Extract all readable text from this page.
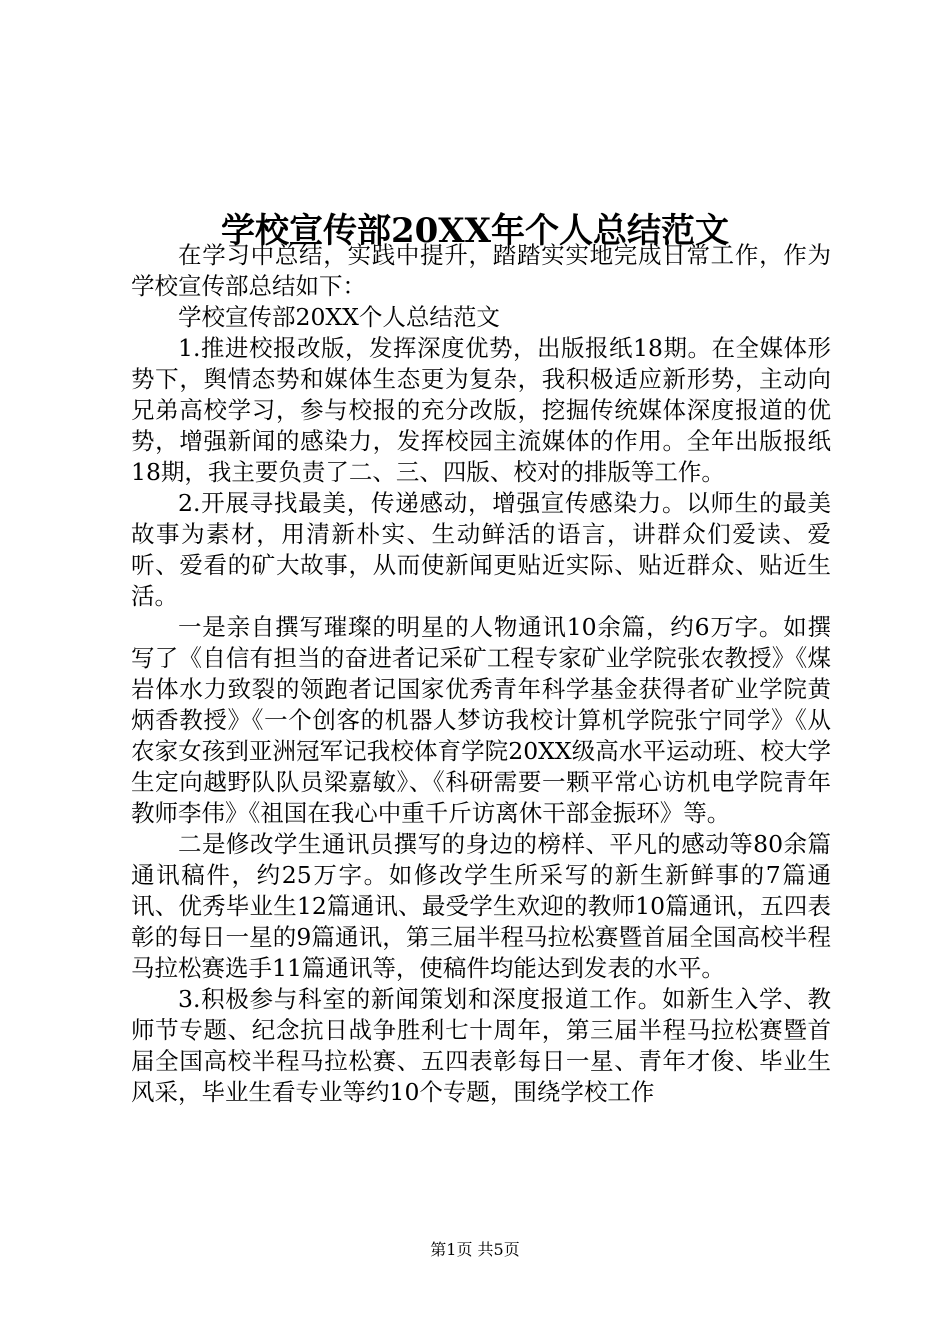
学校宣传部20XX年个人总结范文

在学习中总结，实践中提升，踏踏实实地完成日常工作，作为学校宣传部总结如下：

学校宣传部20XX个人总结范文

1.推进校报改版，发挥深度优势，出版报纸18期。在全媒体形势下，舆情态势和媒体生态更为复杂，我积极适应新形势，主动向兄弟高校学习，参与校报的充分改版，挖掘传统媒体深度报道的优势，增强新闻的感染力，发挥校园主流媒体的作用。全年出版报纸18期，我主要负责了二、三、四版、校对的排版等工作。

2.开展寻找最美，传递感动，增强宣传感染力。以师生的最美故事为素材，用清新朴实、生动鲜活的语言，讲群众们爱读、爱听、爱看的矿大故事，从而使新闻更贴近实际、贴近群众、贴近生活。

一是亲自撰写璀璨的明星的人物通讯10余篇，约6万字。如撰写了《自信有担当的奋进者记采矿工程专家矿业学院张农教授》《煤岩体水力致裂的领跑者记国家优秀青年科学基金获得者矿业学院黄炳香教授》《一个创客的机器人梦访我校计算机学院张宁同学》《从农家女孩到亚洲冠军记我校体育学院20XX级高水平运动班、校大学生定向越野队队员梁嘉敏》、《科研需要一颗平常心访机电学院青年教师李伟》《祖国在我心中重千斤访离休干部金振环》等。

二是修改学生通讯员撰写的身边的榜样、平凡的感动等80余篇通讯稿件，约25万字。如修改学生所采写的新生新鲜事的7篇通讯、优秀毕业生12篇通讯、最受学生欢迎的教师10篇通讯，五四表彰的每日一星的9篇通讯，第三届半程马拉松赛暨首届全国高校半程马拉松赛选手11篇通讯等，使稿件均能达到发表的水平。

3.积极参与科室的新闻策划和深度报道工作。如新生入学、教师节专题、纪念抗日战争胜利七十周年，第三届半程马拉松赛暨首届全国高校半程马拉松赛、五四表彰每日一星、青年才俊、毕业生风采，毕业生看专业等约10个专题，围绕学校工作

第1页 共5页
